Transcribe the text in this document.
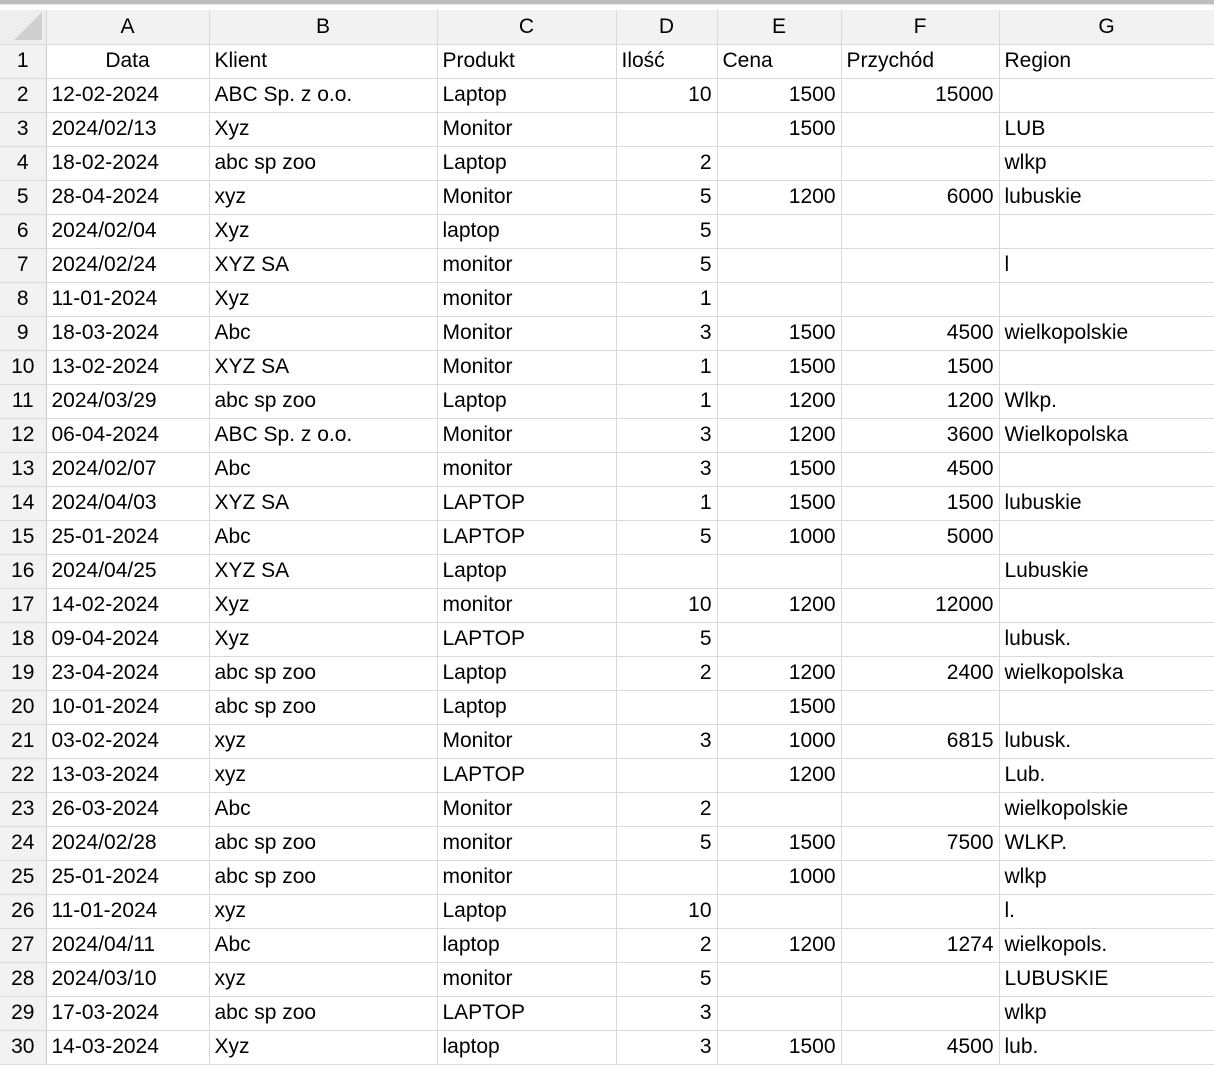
	A	B	C	D	E	F	G
1	Data	Klient	Produkt	Ilość	Cena	Przychód	Region
2	12-02-2024	ABC Sp. z o.o.	Laptop	10	1500	15000	
3	2024/02/13	Xyz	Monitor		1500		LUB
4	18-02-2024	abc sp zoo	Laptop	2			wlkp
5	28-04-2024	xyz	Monitor	5	1200	6000	lubuskie
6	2024/02/04	Xyz	laptop	5			
7	2024/02/24	XYZ SA	monitor	5			l
8	11-01-2024	Xyz	monitor	1			
9	18-03-2024	Abc	Monitor	3	1500	4500	wielkopolskie
10	13-02-2024	XYZ SA	Monitor	1	1500	1500	
11	2024/03/29	abc sp zoo	Laptop	1	1200	1200	Wlkp.
12	06-04-2024	ABC Sp. z o.o.	Monitor	3	1200	3600	Wielkopolska
13	2024/02/07	Abc	monitor	3	1500	4500	
14	2024/04/03	XYZ SA	LAPTOP	1	1500	1500	lubuskie
15	25-01-2024	Abc	LAPTOP	5	1000	5000	
16	2024/04/25	XYZ SA	Laptop				Lubuskie
17	14-02-2024	Xyz	monitor	10	1200	12000	
18	09-04-2024	Xyz	LAPTOP	5			lubusk.
19	23-04-2024	abc sp zoo	Laptop	2	1200	2400	wielkopolska
20	10-01-2024	abc sp zoo	Laptop		1500		
21	03-02-2024	xyz	Monitor	3	1000	6815	lubusk.
22	13-03-2024	xyz	LAPTOP		1200		Lub.
23	26-03-2024	Abc	Monitor	2			wielkopolskie
24	2024/02/28	abc sp zoo	monitor	5	1500	7500	WLKP.
25	25-01-2024	abc sp zoo	monitor		1000		wlkp
26	11-01-2024	xyz	Laptop	10			l.
27	2024/04/11	Abc	laptop	2	1200	1274	wielkopols.
28	2024/03/10	xyz	monitor	5			LUBUSKIE
29	17-03-2024	abc sp zoo	LAPTOP	3			wlkp
30	14-03-2024	Xyz	laptop	3	1500	4500	lub.
